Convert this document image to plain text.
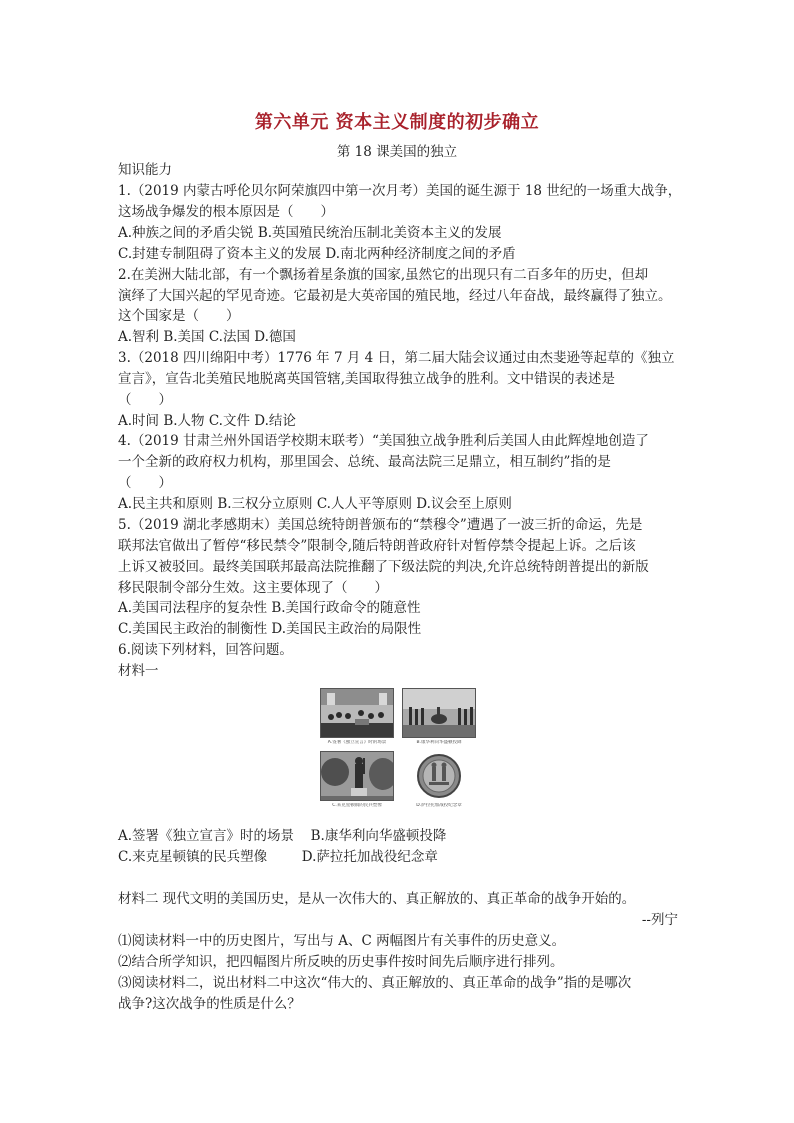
第六单元 资本主义制度的初步确立
第 18 课美国的独立
知识能力
1.（2019 内蒙古呼伦贝尔阿荣旗四中第一次月考）美国的诞生源于 18 世纪的一场重大战争，
这场战争爆发的根本原因是（　　）
A.种族之间的矛盾尖锐 B.英国殖民统治压制北美资本主义的发展
C.封建专制阻碍了资本主义的发展 D.南北两种经济制度之间的矛盾
2.在美洲大陆北部，有一个飘扬着星条旗的国家,虽然它的出现只有二百多年的历史，但却
演绎了大国兴起的罕见奇迹。它最初是大英帝国的殖民地，经过八年奋战，最终赢得了独立。
这个国家是（　　）
A.智利 B.美国 C.法国 D.德国
3.（2018 四川绵阳中考）1776 年 7 月 4 日，第二届大陆会议通过由杰斐逊等起草的《独立
宣言》，宣告北美殖民地脱离英国管辖,美国取得独立战争的胜利。文中错误的表述是
（　　）
A.时间 B.人物 C.文件 D.结论
4.（2019 甘肃兰州外国语学校期末联考）“美国独立战争胜利后美国人由此辉煌地创造了
一个全新的政府权力机构，那里国会、总统、最高法院三足鼎立，相互制约”指的是
（　　）
A.民主共和原则 B.三权分立原则 C.人人平等原则 D.议会至上原则
5.（2019 湖北孝感期末）美国总统特朗普颁布的“禁穆令”遭遇了一波三折的命运，先是
联邦法官做出了暂停“移民禁令”限制令,随后特朗普政府针对暂停禁令提起上诉。之后该
上诉又被驳回。最终美国联邦最高法院推翻了下级法院的判决,允许总统特朗普提出的新版
移民限制令部分生效。这主要体现了（　　）
A.美国司法程序的复杂性 B.美国行政命令的随意性
C.美国民主政治的制衡性 D.美国民主政治的局限性
6.阅读下列材料，回答问题。
材料一
A.签署《独立宣言》时的场景	B.康华利向华盛顿投降
C.来克星顿镇的民兵塑像	D.萨拉托加战役纪念章
A.签署《独立宣言》时的场景 B.康华利向华盛顿投降
C.来克星顿镇的民兵塑像	D.萨拉托加战役纪念章
材料二 现代文明的美国历史，是从一次伟大的、真正解放的、真正革命的战争开始的。
--列宁
⑴阅读材料一中的历史图片，写出与 A、C 两幅图片有关事件的历史意义。
⑵结合所学知识，把四幅图片所反映的历史事件按时间先后顺序进行排列。
⑶阅读材料二，说出材料二中这次“伟大的、真正解放的、真正革命的战争”指的是哪次
战争?这次战争的性质是什么？
